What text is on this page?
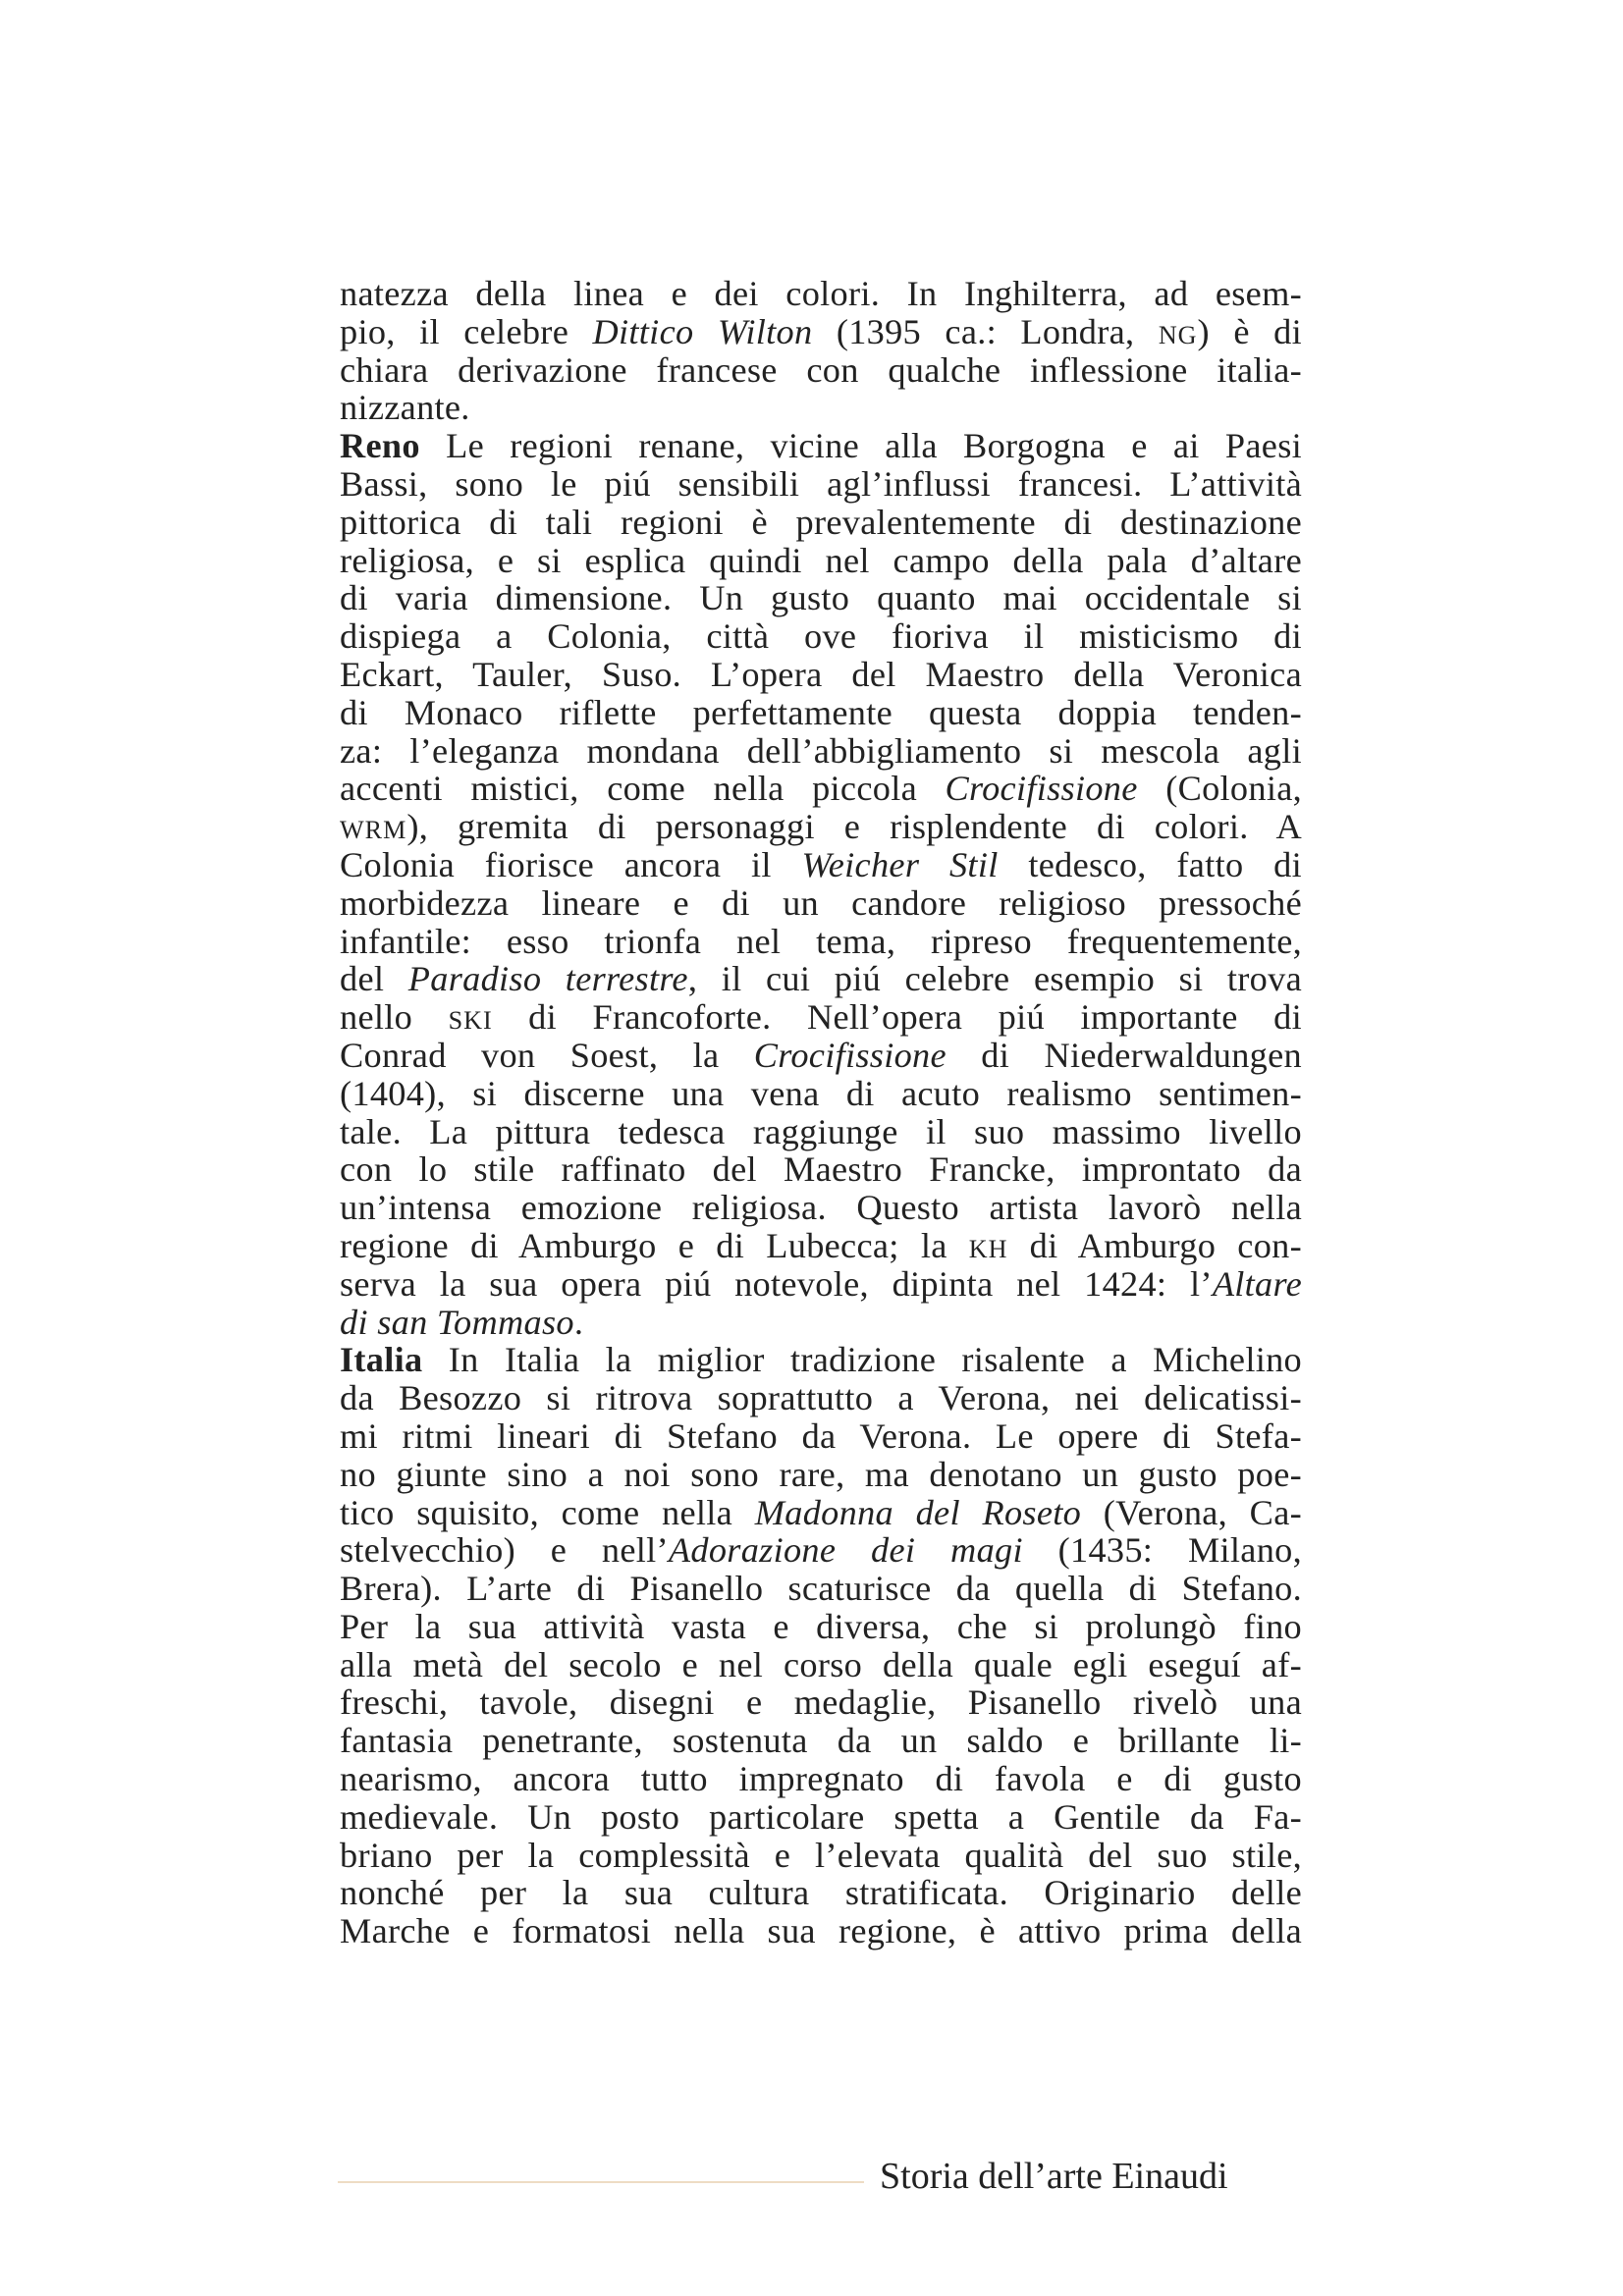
natezza della linea e dei colori. In Inghilterra, ad esem-
pio, il celebre Dittico Wilton (1395 ca.: Londra, NG) è di
chiara derivazione francese con qualche inflessione italia-
nizzante.
Reno Le regioni renane, vicine alla Borgogna e ai Paesi
Bassi, sono le piú sensibili agl’influssi francesi. L’attività
pittorica di tali regioni è prevalentemente di destinazione
religiosa, e si esplica quindi nel campo della pala d’altare
di varia dimensione. Un gusto quanto mai occidentale si
dispiega a Colonia, città ove fioriva il misticismo di
Eckart, Tauler, Suso. L’opera del Maestro della Veronica
di Monaco riflette perfettamente questa doppia tenden-
za: l’eleganza mondana dell’abbigliamento si mescola agli
accenti mistici, come nella piccola Crocifissione (Colonia,
WRM), gremita di personaggi e risplendente di colori. A
Colonia fiorisce ancora il Weicher Stil tedesco, fatto di
morbidezza lineare e di un candore religioso pressoché
infantile: esso trionfa nel tema, ripreso frequentemente,
del Paradiso terrestre, il cui piú celebre esempio si trova
nello SKI di Francoforte. Nell’opera piú importante di
Conrad von Soest, la Crocifissione di Niederwaldungen
(1404), si discerne una vena di acuto realismo sentimen-
tale. La pittura tedesca raggiunge il suo massimo livello
con lo stile raffinato del Maestro Francke, improntato da
un’intensa emozione religiosa. Questo artista lavorò nella
regione di Amburgo e di Lubecca; la KH di Amburgo con-
serva la sua opera piú notevole, dipinta nel 1424: l’Altare
di san Tommaso.
Italia In Italia la miglior tradizione risalente a Michelino
da Besozzo si ritrova soprattutto a Verona, nei delicatissi-
mi ritmi lineari di Stefano da Verona. Le opere di Stefa-
no giunte sino a noi sono rare, ma denotano un gusto poe-
tico squisito, come nella Madonna del Roseto (Verona, Ca-
stelvecchio) e nell’Adorazione dei magi (1435: Milano,
Brera). L’arte di Pisanello scaturisce da quella di Stefano.
Per la sua attività vasta e diversa, che si prolungò fino
alla metà del secolo e nel corso della quale egli eseguí af-
freschi, tavole, disegni e medaglie, Pisanello rivelò una
fantasia penetrante, sostenuta da un saldo e brillante li-
nearismo, ancora tutto impregnato di favola e di gusto
medievale. Un posto particolare spetta a Gentile da Fa-
briano per la complessità e l’elevata qualità del suo stile,
nonché per la sua cultura stratificata. Originario delle
Marche e formatosi nella sua regione, è attivo prima della
Storia dell’arte Einaudi
